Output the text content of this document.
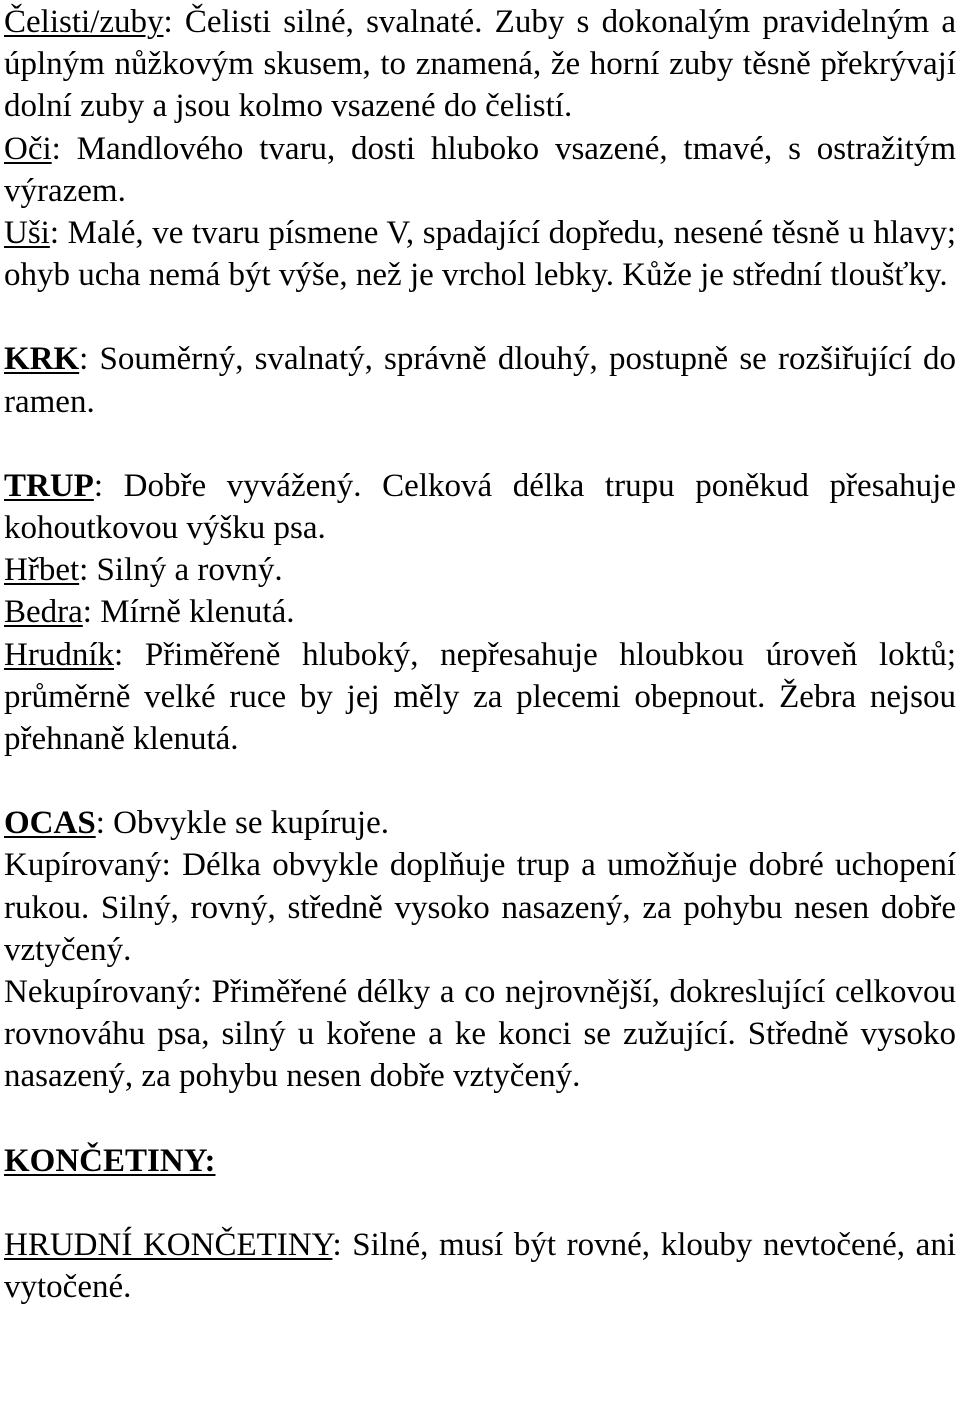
Čelisti/zuby: Čelisti silné, svalnaté. Zuby s dokonalým pravidelným a úplným nůžkovým skusem, to znamená, že horní zuby těsně překrývají dolní zuby a jsou kolmo vsazené do čelistí.

Oči: Mandlového tvaru, dosti hluboko vsazené, tmavé, s ostražitým výrazem.

Uši: Malé, ve tvaru písmene V, spadající dopředu, nesené těsně u hlavy; ohyb ucha nemá být výše, než je vrchol lebky. Kůže je střední tloušťky.

KRK: Souměrný, svalnatý, správně dlouhý, postupně se rozšiřující do ramen.

TRUP: Dobře vyvážený. Celková délka trupu poněkud přesahuje kohoutkovou výšku psa.

Hřbet: Silný a rovný.

Bedra: Mírně klenutá.

Hrudník: Přiměřeně hluboký, nepřesahuje hloubkou úroveň loktů; průměrně velké ruce by jej měly za plecemi obepnout. Žebra nejsou přehnaně klenutá.

OCAS: Obvykle se kupíruje.

Kupírovaný: Délka obvykle doplňuje trup a umožňuje dobré uchopení rukou. Silný, rovný, středně vysoko nasazený, za pohybu nesen dobře vztyčený.

Nekupírovaný: Přiměřené délky a co nejrovnější, dokreslující celkovou rovnováhu psa, silný u kořene a ke konci se zužující. Středně vysoko nasazený, za pohybu nesen dobře vztyčený.

KONČETINY:

HRUDNÍ KONČETINY: Silné, musí být rovné, klouby nevtočené, ani vytočené.
